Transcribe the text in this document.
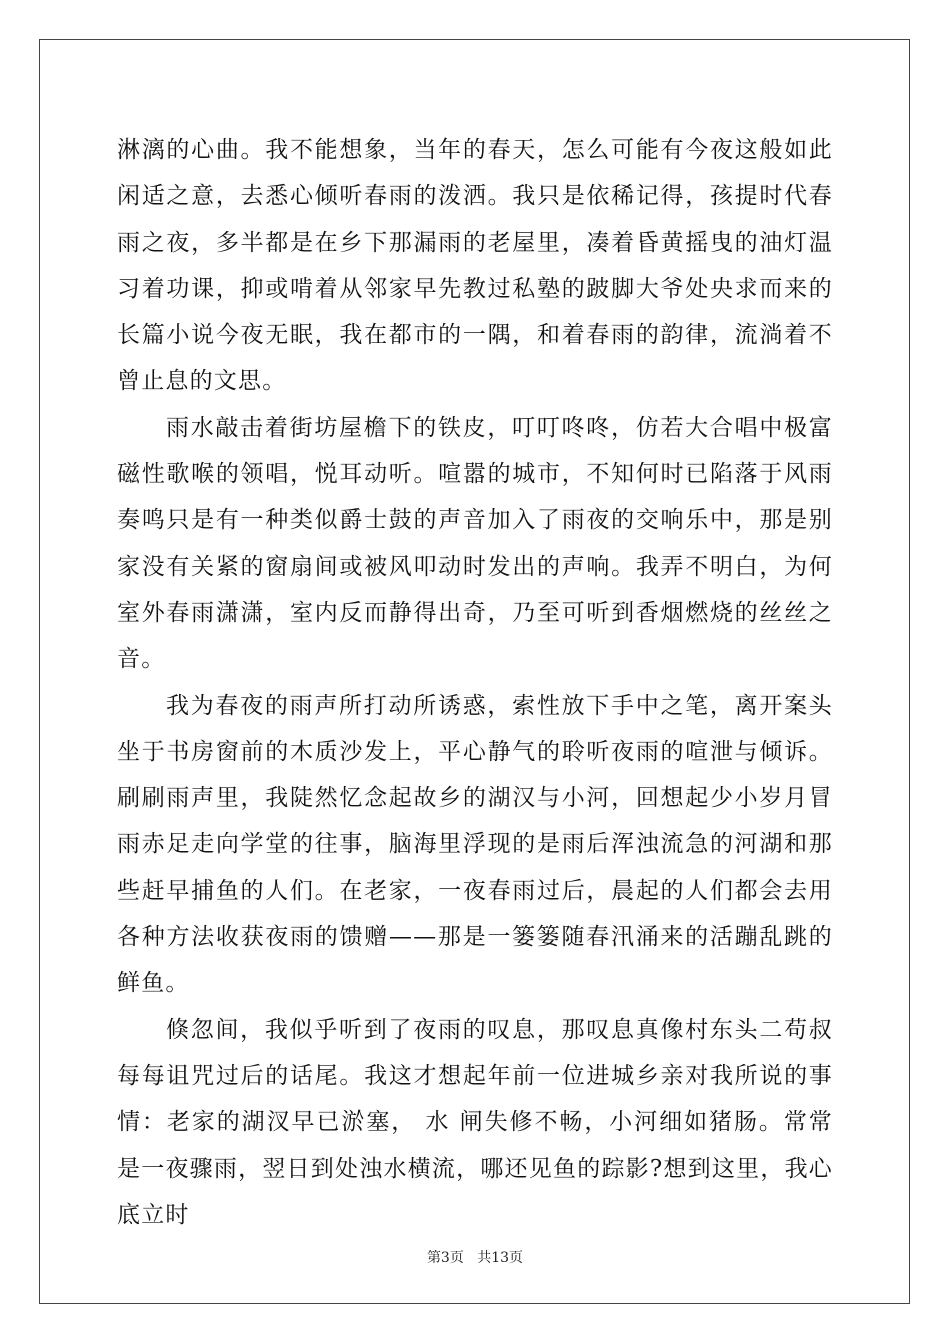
淋漓的心曲。我不能想象，当年的春天，怎么可能有今夜这般如此闲适之意，去悉心倾听春雨的泼洒。我只是依稀记得，孩提时代春雨之夜，多半都是在乡下那漏雨的老屋里，凑着昏黄摇曳的油灯温习着功课，抑或啃着从邻家早先教过私塾的跛脚大爷处央求而来的长篇小说今夜无眠，我在都市的一隅，和着春雨的韵律，流淌着不曾止息的文思。

雨水敲击着街坊屋檐下的铁皮，叮叮咚咚，仿若大合唱中极富磁性歌喉的领唱，悦耳动听。喧嚣的城市，不知何时已陷落于风雨奏鸣只是有一种类似爵士鼓的声音加入了雨夜的交响乐中，那是别家没有关紧的窗扇间或被风叩动时发出的声响。我弄不明白，为何室外春雨潇潇，室内反而静得出奇，乃至可听到香烟燃烧的丝丝之音。

我为春夜的雨声所打动所诱惑，索性放下手中之笔，离开案头坐于书房窗前的木质沙发上，平心静气的聆听夜雨的喧泄与倾诉。刷刷雨声里，我陡然忆念起故乡的湖汉与小河，回想起少小岁月冒雨赤足走向学堂的往事，脑海里浮现的是雨后浑浊流急的河湖和那些赶早捕鱼的人们。在老家，一夜春雨过后，晨起的人们都会去用各种方法收获夜雨的馈赠——那是一篓篓随春汛涌来的活蹦乱跳的鲜鱼。

倏忽间，我似乎听到了夜雨的叹息，那叹息真像村东头二苟叔每每诅咒过后的话尾。我这才想起年前一位进城乡亲对我所说的事情：老家的湖汊早已淤塞， 水 闸失修不畅，小河细如猪肠。常常是一夜骤雨，翌日到处浊水横流，哪还见鱼的踪影?想到这里，我心底立时

第3页 共13页
